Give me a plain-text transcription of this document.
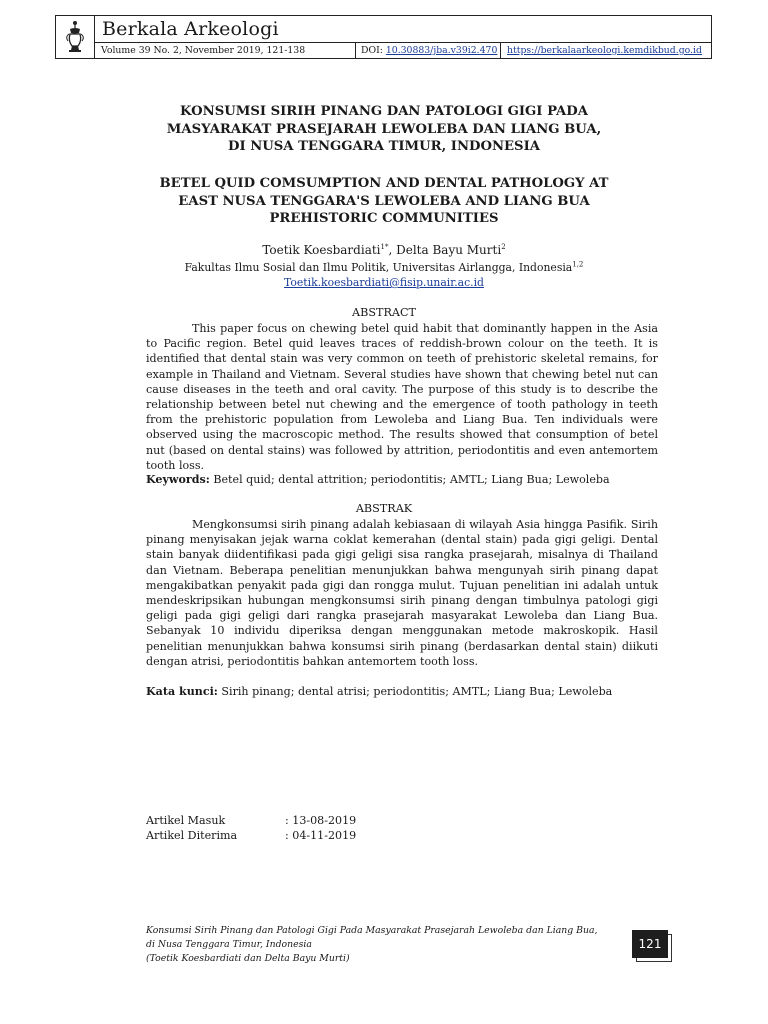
Berkala Arkeologi
Volume 39 No. 2, November 2019, 121-138	DOI: 10.30883/jba.v39i2.470	https://berkalaarkeologi.kemdikbud.go.id
KONSUMSI SIRIH PINANG DAN PATOLOGI GIGI PADA
MASYARAKAT PRASEJARAH LEWOLEBA DAN LIANG BUA,
DI NUSA TENGGARA TIMUR, INDONESIA
BETEL QUID COMSUMPTION AND DENTAL PATHOLOGY AT
EAST NUSA TENGGARA'S LEWOLEBA AND LIANG BUA
PREHISTORIC COMMUNITIES
Toetik Koesbardiati$^{1*}$, Delta Bayu Murti$^2$
Fakultas Ilmu Sosial dan Ilmu Politik, Universitas Airlangga, Indonesia$^{1,2}$
Toetik.koesbardiati@fisip.unair.ac.id
ABSTRACT

This paper focus on chewing betel quid habit that dominantly happen in the Asia to Pacific region. Betel quid leaves traces of reddish-brown colour on the teeth. It is identified that dental stain was very common on teeth of prehistoric skeletal remains, for example in Thailand and Vietnam. Several studies have shown that chewing betel nut can cause diseases in the teeth and oral cavity. The purpose of this study is to describe the relationship between betel nut chewing and the emergence of tooth pathology in teeth from the prehistoric population from Lewoleba and Liang Bua. Ten individuals were observed using the macroscopic method. The results showed that consumption of betel nut (based on dental stains) was followed by attrition, periodontitis and even antemortem tooth loss.

Keywords: Betel quid; dental attrition; periodontitis; AMTL; Liang Bua; Lewoleba
ABSTRAK

Mengkonsumsi sirih pinang adalah kebiasaan di wilayah Asia hingga Pasifik. Sirih pinang menyisakan jejak warna coklat kemerahan (dental stain) pada gigi geligi. Dental stain banyak diidentifikasi pada gigi geligi sisa rangka prasejarah, misalnya di Thailand dan Vietnam. Beberapa penelitian menunjukkan bahwa mengunyah sirih pinang dapat mengakibatkan penyakit pada gigi dan rongga mulut. Tujuan penelitian ini adalah untuk mendeskripsikan hubungan mengkonsumsi sirih pinang dengan timbulnya patologi gigi geligi pada gigi geligi dari rangka prasejarah masyarakat Lewoleba dan Liang Bua. Sebanyak 10 individu diperiksa dengan menggunakan metode makroskopik. Hasil penelitian menunjukkan bahwa konsumsi sirih pinang (berdasarkan dental stain) diikuti dengan atrisi, periodontitis bahkan antemortem tooth loss.

Kata kunci: Sirih pinang; dental atrisi; periodontitis; AMTL; Liang Bua; Lewoleba
Artikel Masuk	: 13-08-2019
Artikel Diterima	: 04-11-2019
Konsumsi Sirih Pinang dan Patologi Gigi Pada Masyarakat Prasejarah Lewoleba dan Liang Bua,
di Nusa Tenggara Timur, Indonesia
(Toetik Koesbardiati dan Delta Bayu Murti)
121
